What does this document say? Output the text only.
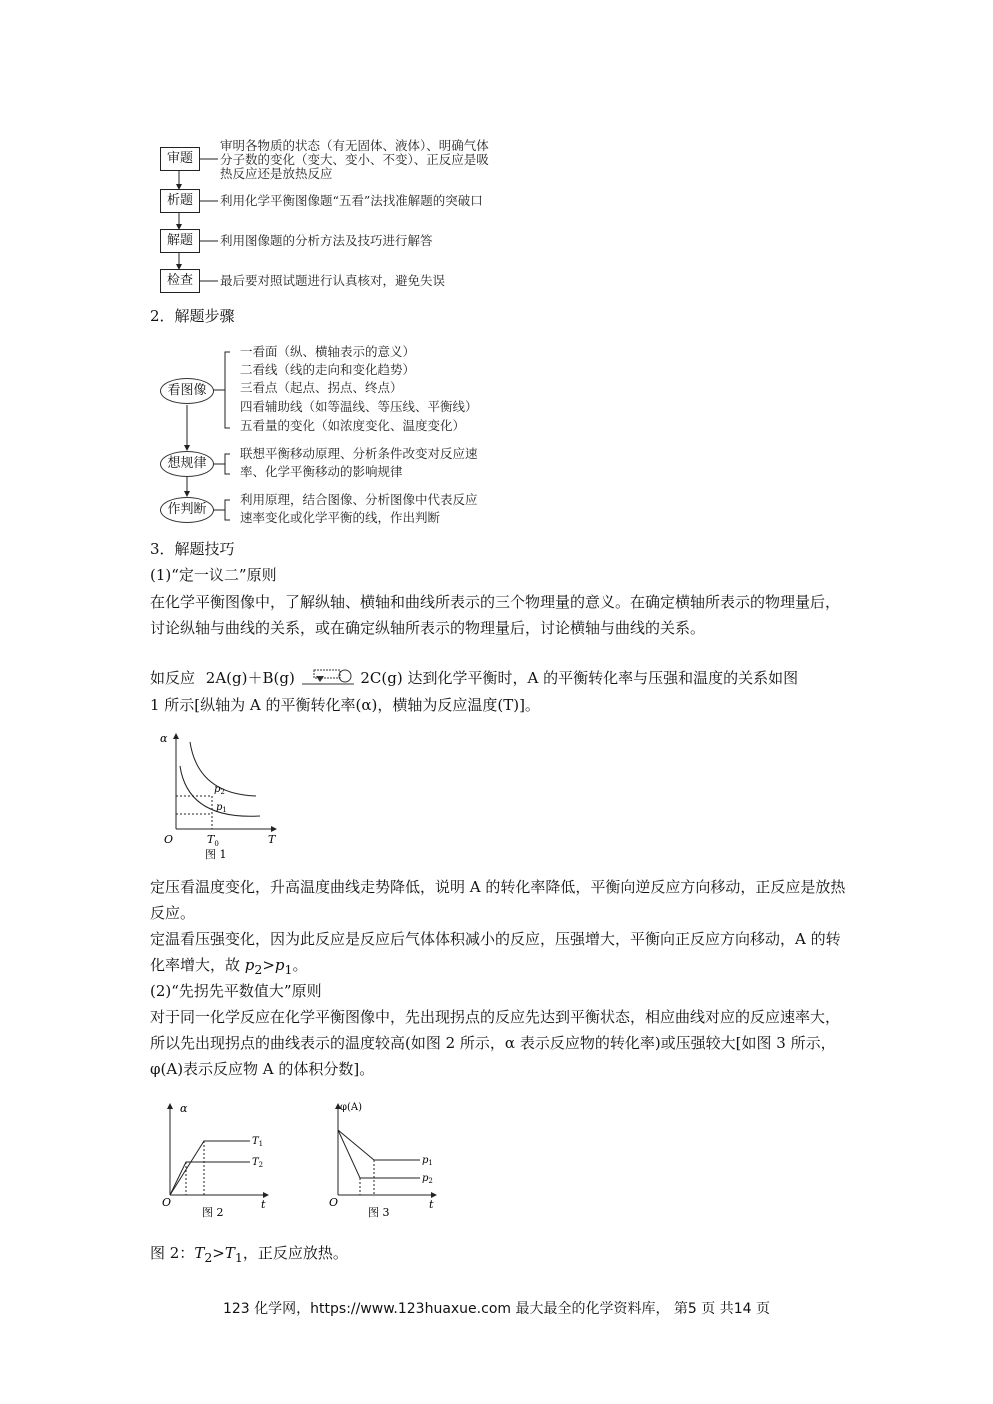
审题
析题
解题
检查
审明各物质的状态（有无固体、液体）、明确气体
分子数的变化（变大、变小、不变）、正反应是吸
热反应还是放热反应
利用化学平衡图像题“五看”法找准解题的突破口
利用图像题的分析方法及技巧进行解答
最后要对照试题进行认真核对，避免失误
2．解题步骤
看图像
想规律
作判断
一看面（纵、横轴表示的意义）
二看线（线的走向和变化趋势）
三看点（起点、拐点、终点）
四看辅助线（如等温线、等压线、平衡线）
五看量的变化（如浓度变化、温度变化）
联想平衡移动原理、分析条件改变对反应速
率、化学平衡移动的影响规律
利用原理，结合图像、分析图像中代表反应
速率变化或化学平衡的线，作出判断
3．解题技巧
(1)“定一议二”原则
在化学平衡图像中，了解纵轴、横轴和曲线所表示的三个物理量的意义。在确定横轴所表示的物理量后，讨论纵轴与曲线的关系，或在确定纵轴所表示的物理量后，讨论横轴与曲线的关系。
如反应 2A(g)＋B(g)	2C(g) 达到化学平衡时，A 的平衡转化率与压强和温度的关系如图
1 所示[纵轴为 A 的平衡转化率(α)，横轴为反应温度(T)]。
α
T
O
$p_2$
$p_1$
$T_0$
图 1
定压看温度变化，升高温度曲线走势降低，说明 A 的转化率降低，平衡向逆反应方向移动，正反应是放热反应。
定温看压强变化，因为此反应是反应后气体体积减小的反应，压强增大，平衡向正反应方向移动，A 的转化率增大，故 $p_2>p_1$。
(2)“先拐先平数值大”原则
对于同一化学反应在化学平衡图像中，先出现拐点的反应先达到平衡状态，相应曲线对应的反应速率大，所以先出现拐点的曲线表示的温度较高(如图 2 所示，α 表示反应物的转化率)或压强较大[如图 3 所示，φ(A)表示反应物 A 的体积分数]。
α
t
O
$T_1$
$T_2$
图 2
φ(A)
t
O
$p_1$
$p_2$
图 3
图 2：$T_2>T_1$，正反应放热。
123 化学网，https://www.123huaxue.com 最大最全的化学资料库， 第5 页 共14 页
